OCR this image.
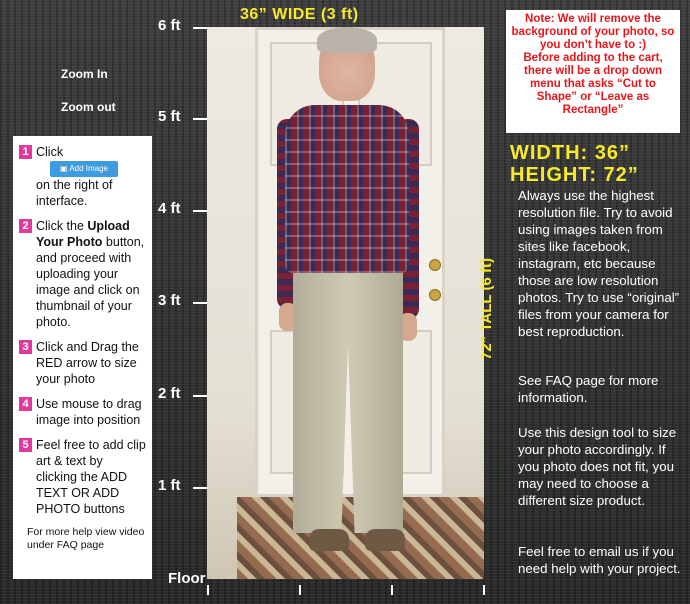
36” WIDE (3 ft)
6 ft
5 ft
4 ft
3 ft
2 ft
1 ft
Floor
72” TALL (6 ft)
Zoom In
Zoom out
Note: We will remove the background of your photo, so you don’t have to :)
Before adding to the cart, there will be a drop down menu that asks “Cut to Shape” or “Leave as Rectangle”
WIDTH: 36”
HEIGHT: 72”
Always use the highest resolution file. Try to avoid using images taken from sites like facebook, instagram, etc because those are low resolution photos. Try to use “original” files from your camera for best reproduction.
See FAQ page for more information.
Use this design tool to size your photo accordingly. If you photo does not fit, you may need to choose a different size product.
Feel free to email us if you need help with your project.
1 Click ▣ Add Image
on the right of interface.
2 Click the Upload Your Photo button, and proceed with uploading your image and click on thumbnail of your photo.
3 Click and Drag the RED arrow to size your photo
4 Use mouse to drag image into position
5 Feel free to add clip art & text by clicking the ADD TEXT OR ADD PHOTO buttons
For more help view video under FAQ page
